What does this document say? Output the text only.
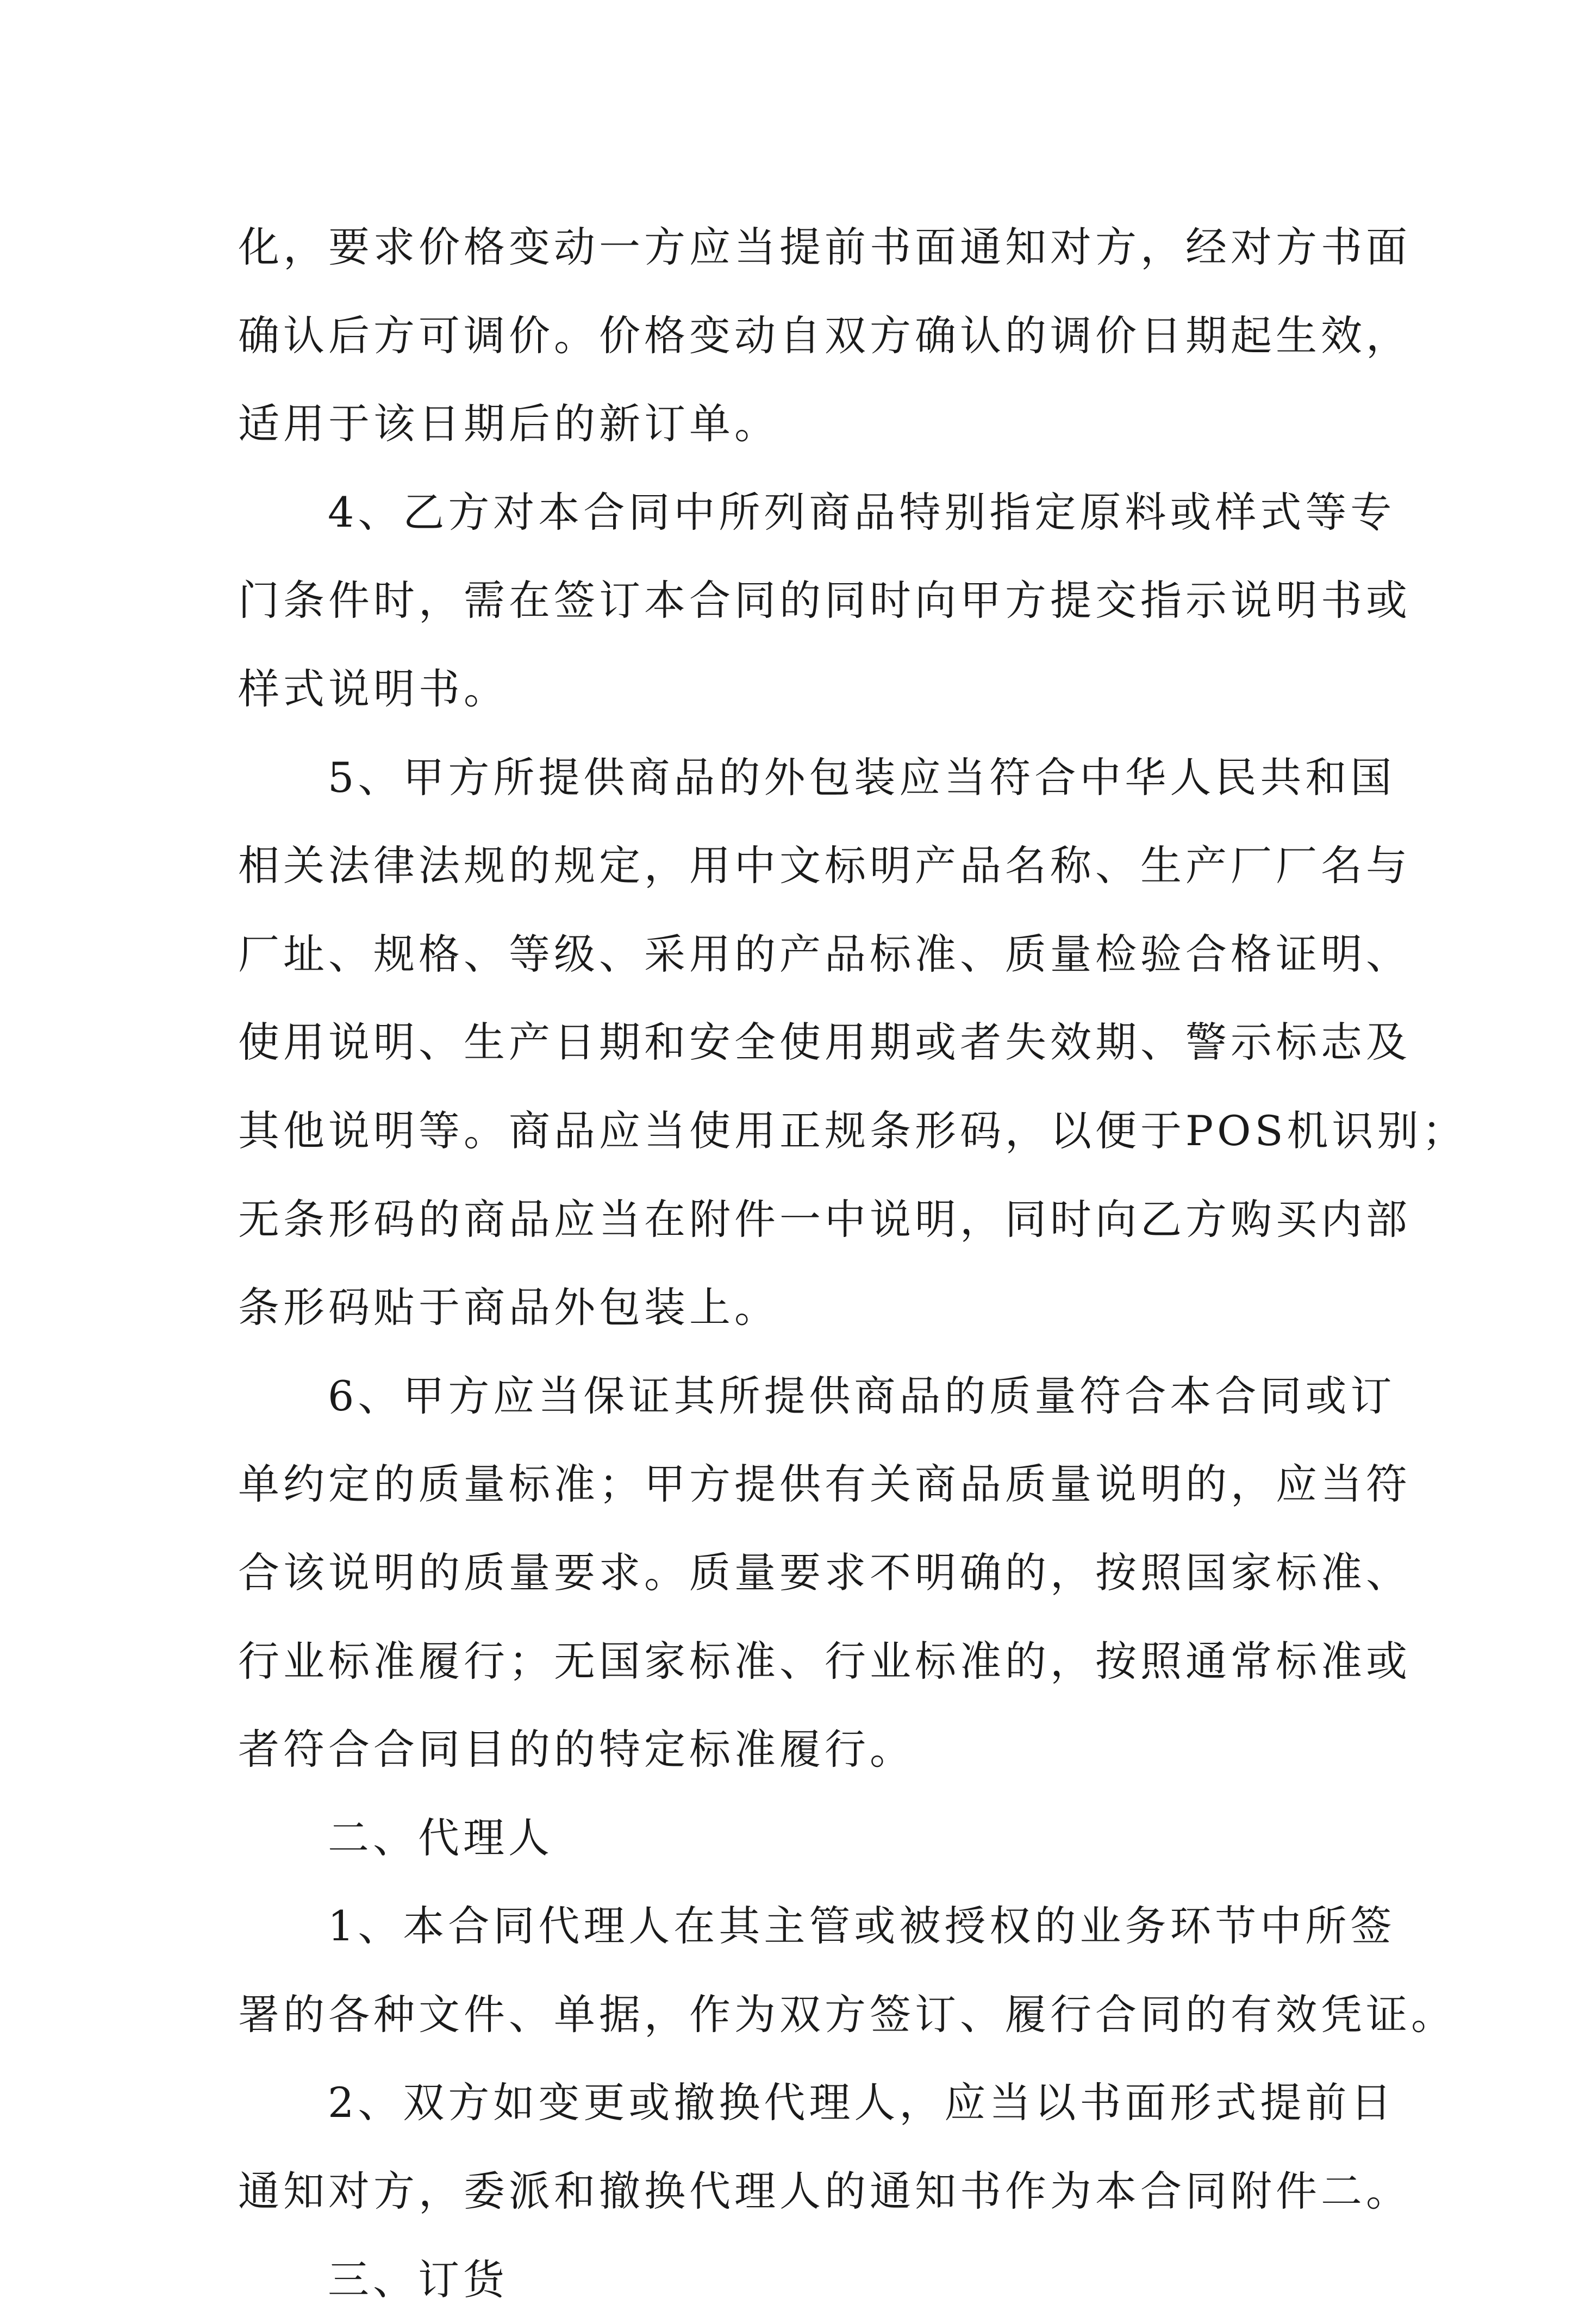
化，要求价格变动一方应当提前书面通知对方，经对方书面
确认后方可调价。价格变动自双方确认的调价日期起生效，
适用于该日期后的新订单。
4、乙方对本合同中所列商品特别指定原料或样式等专
门条件时，需在签订本合同的同时向甲方提交指示说明书或
样式说明书。
5、甲方所提供商品的外包装应当符合中华人民共和国
相关法律法规的规定，用中文标明产品名称、生产厂厂名与
厂址、规格、等级、采用的产品标准、质量检验合格证明、
使用说明、生产日期和安全使用期或者失效期、警示标志及
其他说明等。商品应当使用正规条形码，以便于POS机识别；
无条形码的商品应当在附件一中说明，同时向乙方购买内部
条形码贴于商品外包装上。
6、甲方应当保证其所提供商品的质量符合本合同或订
单约定的质量标准；甲方提供有关商品质量说明的，应当符
合该说明的质量要求。质量要求不明确的，按照国家标准、
行业标准履行；无国家标准、行业标准的，按照通常标准或
者符合合同目的的特定标准履行。
二、代理人
1、本合同代理人在其主管或被授权的业务环节中所签
署的各种文件、单据，作为双方签订、履行合同的有效凭证。
2、双方如变更或撤换代理人，应当以书面形式提前日
通知对方，委派和撤换代理人的通知书作为本合同附件二。
三、订货
